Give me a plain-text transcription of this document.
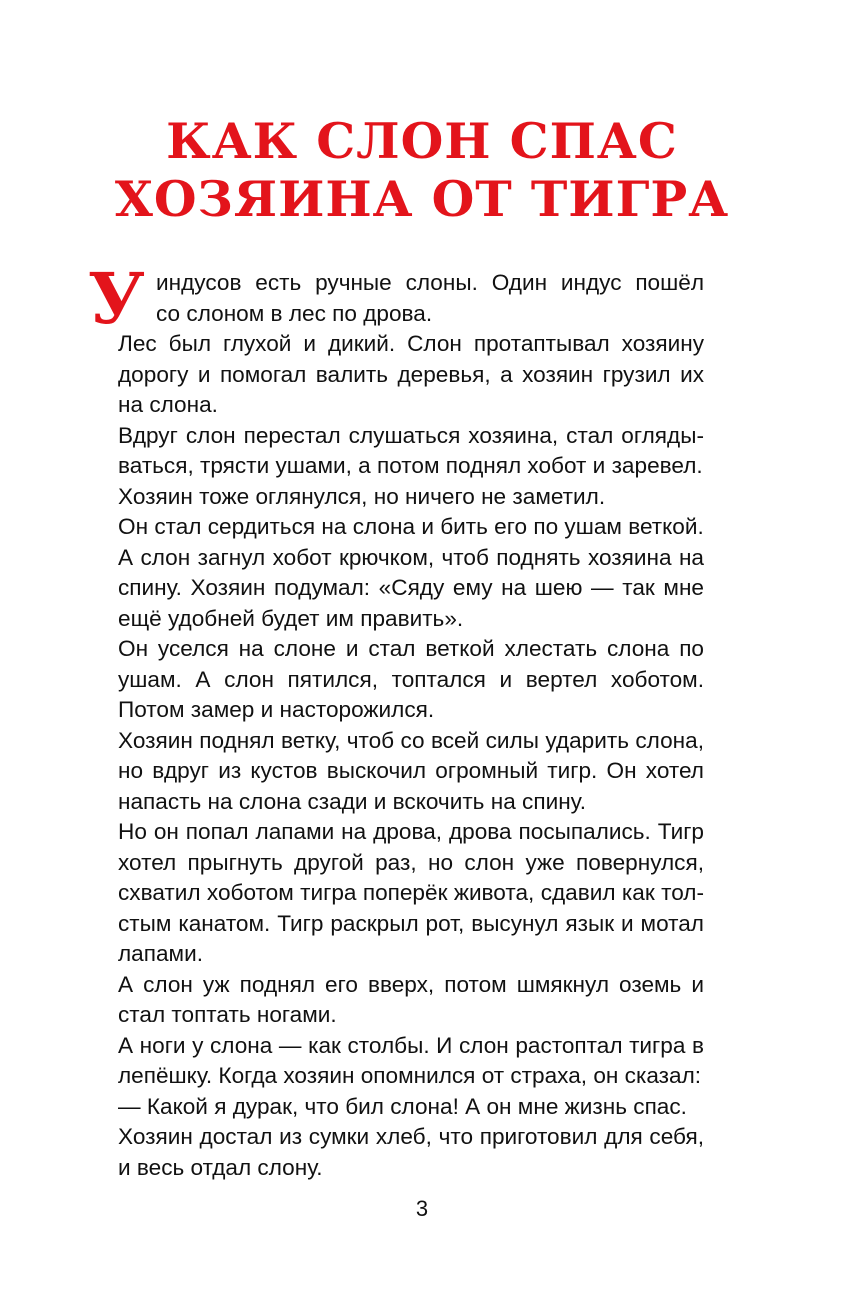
КАК СЛОН СПАС
ХОЗЯИНА ОТ ТИГРА

У индусов есть ручные слоны. Один индус пошёл
со слоном в лес по дрова.

Лес был глухой и дикий. Слон протаптывал хозяину дорогу и помогал валить деревья, а хозяин грузил их на слона.

Вдруг слон перестал слушаться хозяина, стал оглядываться, трясти ушами, а потом поднял хобот и заревел.

Хозяин тоже оглянулся, но ничего не заметил.

Он стал сердиться на слона и бить его по ушам веткой.

А слон загнул хобот крючком, чтоб поднять хозяина на спину. Хозяин подумал: «Сяду ему на шею — так мне ещё удобней будет им править».

Он уселся на слоне и стал веткой хлестать слона по ушам. А слон пятился, топтался и вертел хоботом. Потом замер и насторожился.

Хозяин поднял ветку, чтоб со всей силы ударить слона, но вдруг из кустов выскочил огромный тигр. Он хотел напасть на слона сзади и вскочить на спину.

Но он попал лапами на дрова, дрова посыпались. Тигр хотел прыгнуть другой раз, но слон уже повернулся, схватил хоботом тигра поперёк живота, сдавил как толстым канатом. Тигр раскрыл рот, высунул язык и мотал лапами.

А слон уж поднял его вверх, потом шмякнул оземь и стал топтать ногами.

А ноги у слона — как столбы. И слон растоптал тигра в лепёшку. Когда хозяин опомнился от страха, он сказал:

— Какой я дурак, что бил слона! А он мне жизнь спас.

Хозяин достал из сумки хлеб, что приготовил для себя, и весь отдал слону.

3
